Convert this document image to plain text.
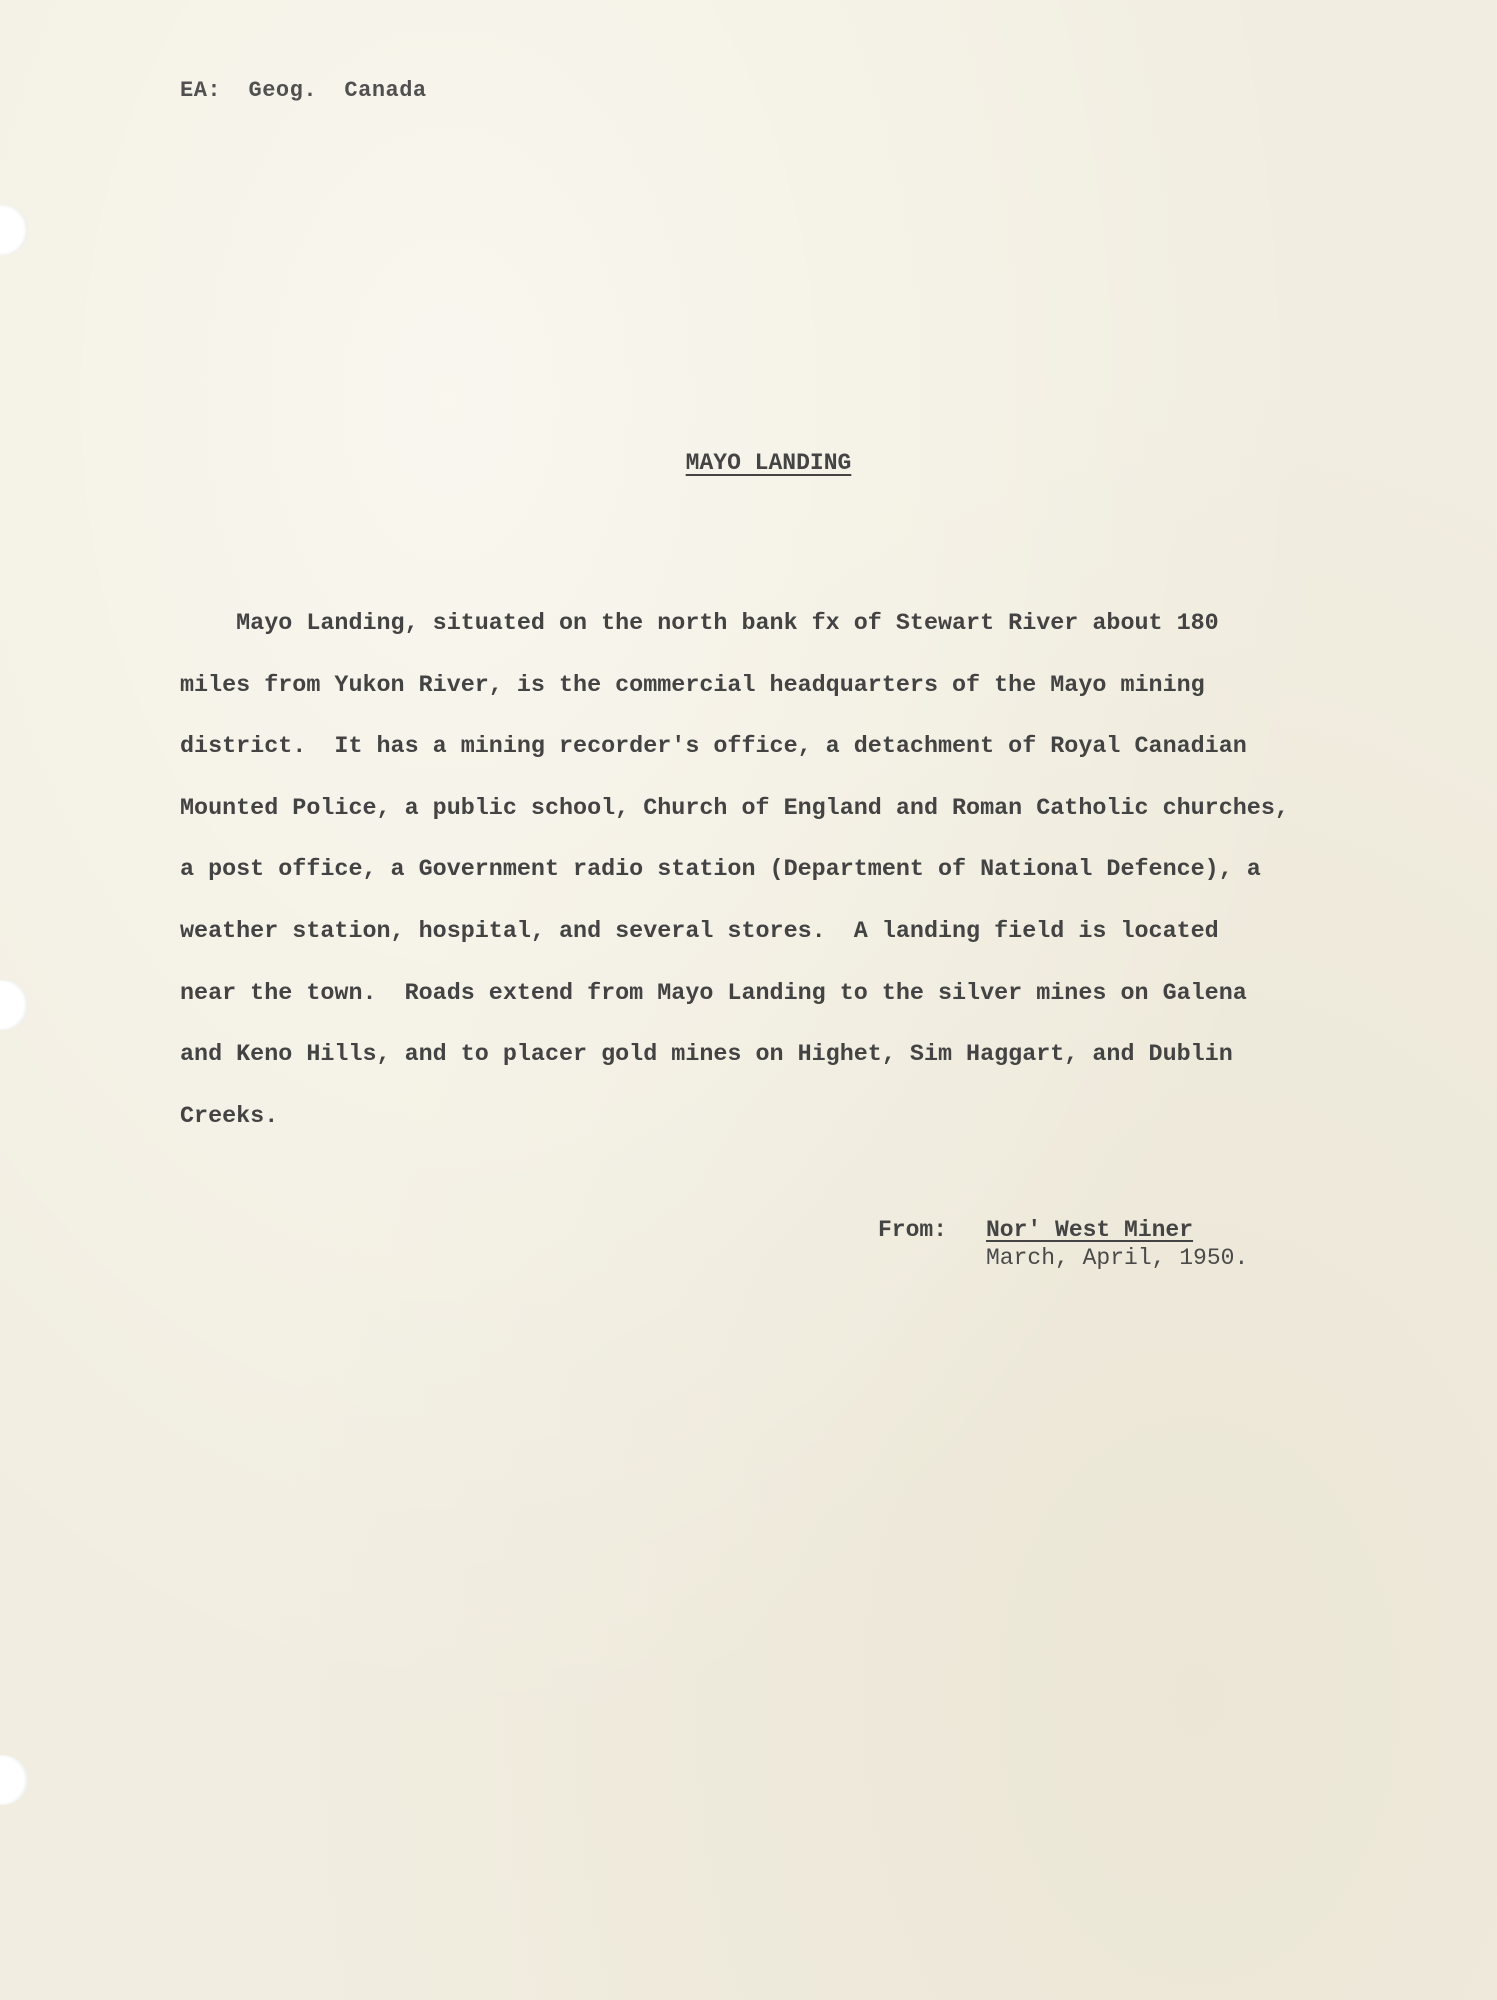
EA:  Geog.  Canada
MAYO LANDING
Mayo Landing, situated on the north bank fx of Stewart River about 180
miles from Yukon River, is the commercial headquarters of the Mayo mining
district.  It has a mining recorder's office, a detachment of Royal Canadian
Mounted Police, a public school, Church of England and Roman Catholic churches,
a post office, a Government radio station (Department of National Defence), a
weather station, hospital, and several stores.  A landing field is located
near the town.  Roads extend from Mayo Landing to the silver mines on Galena
and Keno Hills, and to placer gold mines on Highet, Sim Haggart, and Dublin
Creeks.
From: Nor' West Miner
March, April, 1950.
